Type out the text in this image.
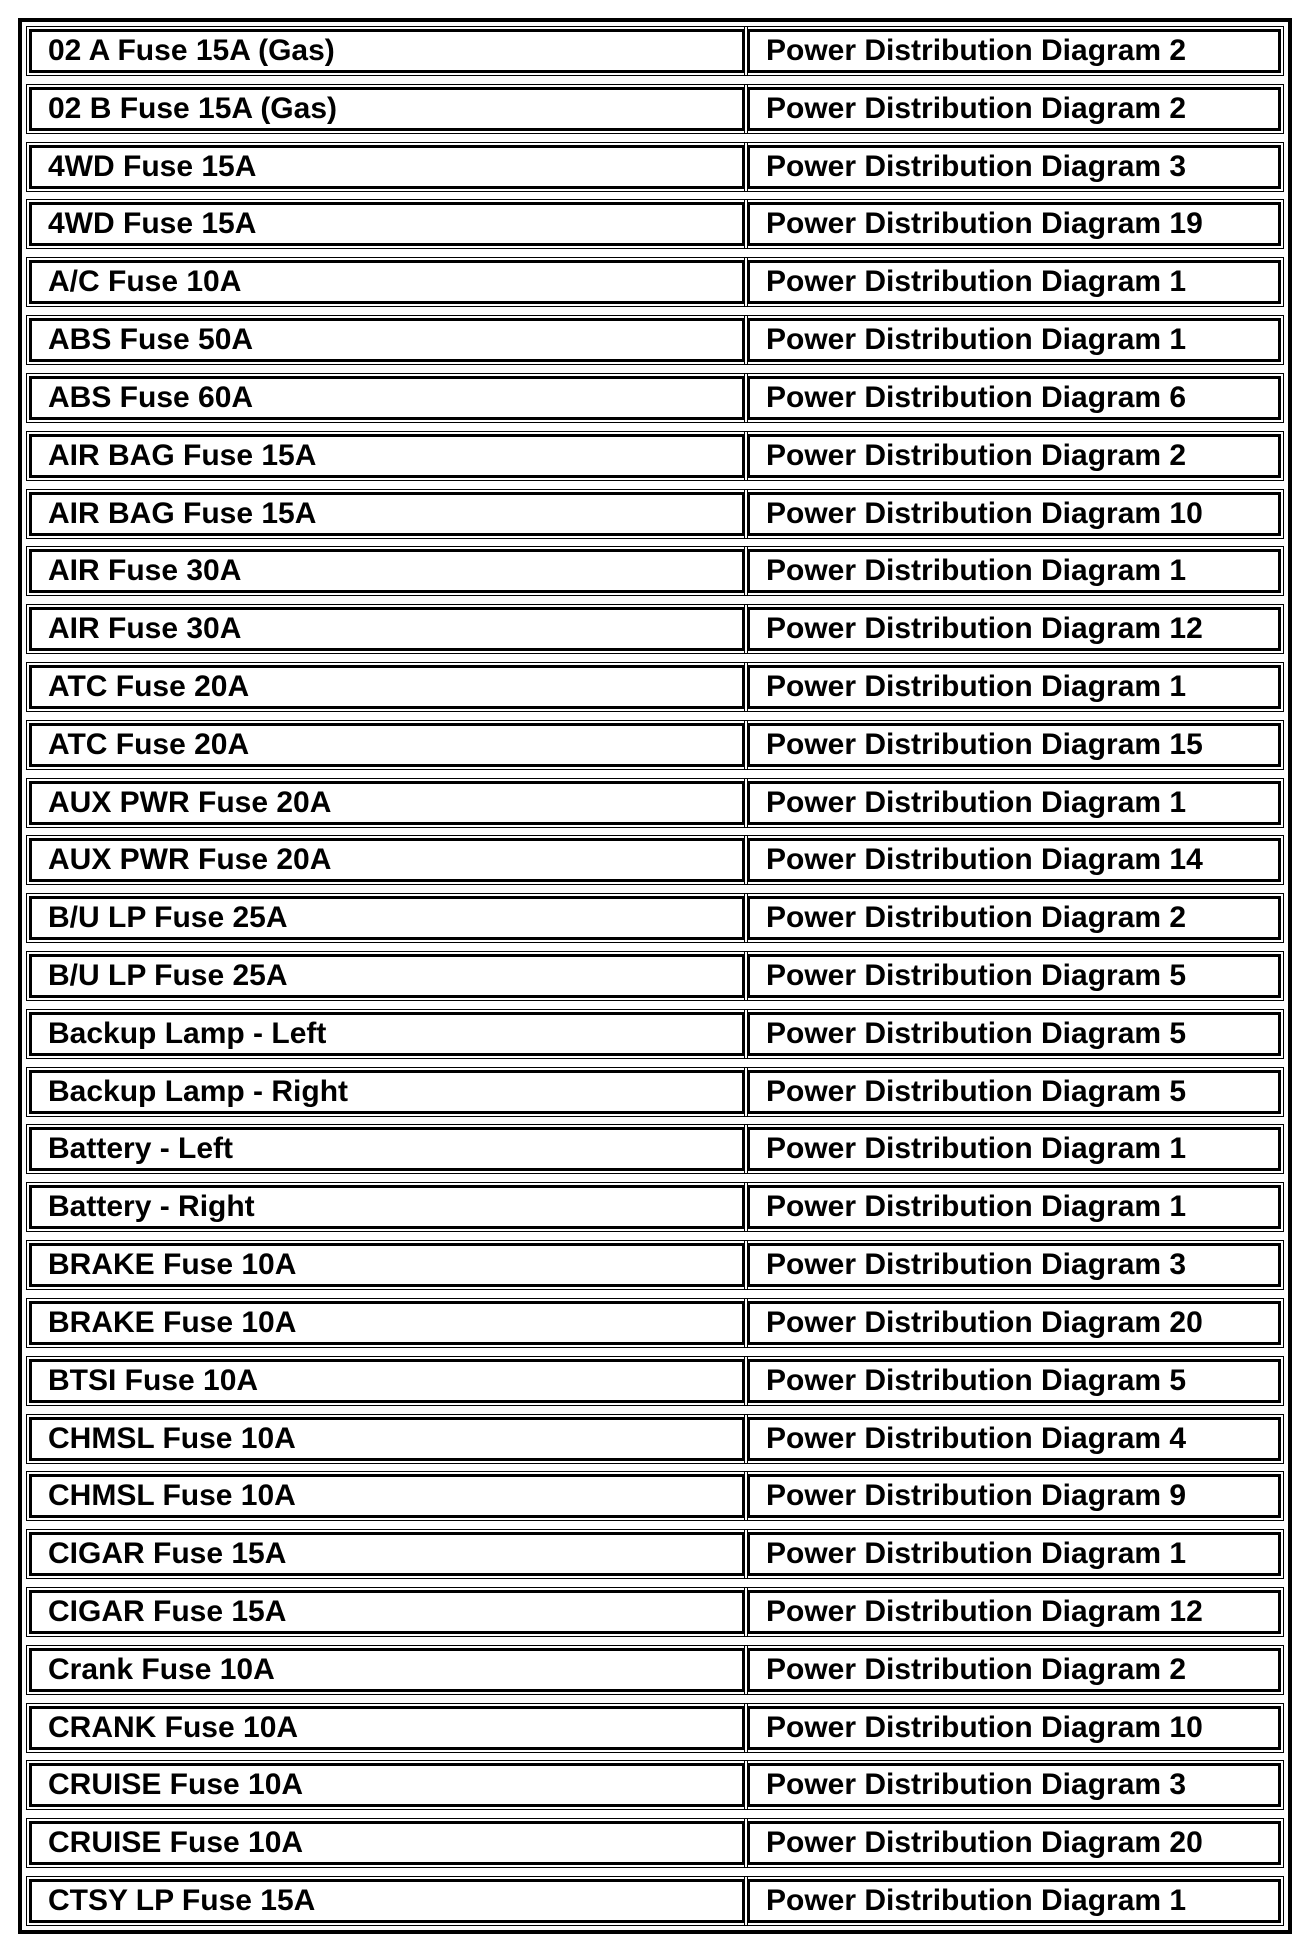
02 A Fuse 15A (Gas)	Power Distribution Diagram 2
02 B Fuse 15A (Gas)	Power Distribution Diagram 2
4WD Fuse 15A	Power Distribution Diagram 3
4WD Fuse 15A	Power Distribution Diagram 19
A/C Fuse 10A	Power Distribution Diagram 1
ABS Fuse 50A	Power Distribution Diagram 1
ABS Fuse 60A	Power Distribution Diagram 6
AIR BAG Fuse 15A	Power Distribution Diagram 2
AIR BAG Fuse 15A	Power Distribution Diagram 10
AIR Fuse 30A	Power Distribution Diagram 1
AIR Fuse 30A	Power Distribution Diagram 12
ATC Fuse 20A	Power Distribution Diagram 1
ATC Fuse 20A	Power Distribution Diagram 15
AUX PWR Fuse 20A	Power Distribution Diagram 1
AUX PWR Fuse 20A	Power Distribution Diagram 14
B/U LP Fuse 25A	Power Distribution Diagram 2
B/U LP Fuse 25A	Power Distribution Diagram 5
Backup Lamp - Left	Power Distribution Diagram 5
Backup Lamp - Right	Power Distribution Diagram 5
Battery - Left	Power Distribution Diagram 1
Battery - Right	Power Distribution Diagram 1
BRAKE Fuse 10A	Power Distribution Diagram 3
BRAKE Fuse 10A	Power Distribution Diagram 20
BTSI Fuse 10A	Power Distribution Diagram 5
CHMSL Fuse 10A	Power Distribution Diagram 4
CHMSL Fuse 10A	Power Distribution Diagram 9
CIGAR Fuse 15A	Power Distribution Diagram 1
CIGAR Fuse 15A	Power Distribution Diagram 12
Crank Fuse 10A	Power Distribution Diagram 2
CRANK Fuse 10A	Power Distribution Diagram 10
CRUISE Fuse 10A	Power Distribution Diagram 3
CRUISE Fuse 10A	Power Distribution Diagram 20
CTSY LP Fuse 15A	Power Distribution Diagram 1
